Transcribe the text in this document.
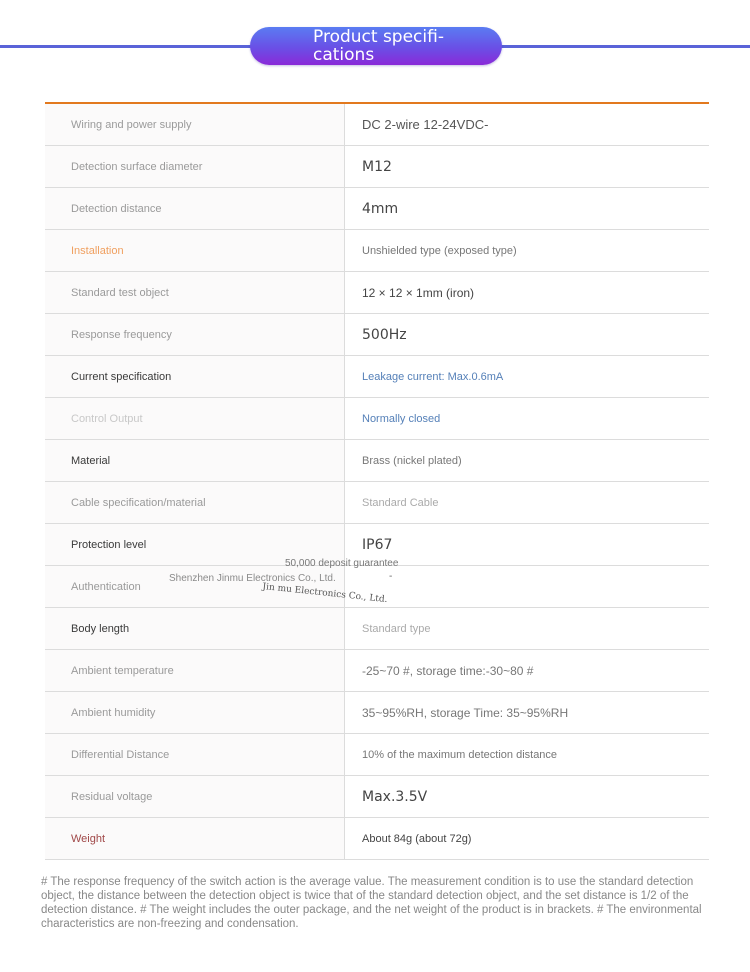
Product specifi- cations
Wiring and power supply	DC 2-wire 12-24VDC-
Detection surface diameter	M12
Detection distance	4mm
Installation	Unshielded type (exposed type)
Standard test object	12 × 12 × 1mm (iron)
Response frequency	500Hz
Current specification	Leakage current: Max.0.6mA
Control Output	Normally closed
Material	Brass (nickel plated)
Cable specification/material	Standard Cable
Protection level	IP67
Authentication
Body length	Standard type
Ambient temperature	-25~70 #, storage time:-30~80 #
Ambient humidity	35~95%RH, storage Time: 35~95%RH
Differential Distance	10% of the maximum detection distance
Residual voltage	Max.3.5V
Weight	About 84g (about 72g)
50,000 deposit guarantee
Shenzhen Jinmu Electronics Co., Ltd.
Jin mu Electronics Co., Ltd.
-
# The response frequency of the switch action is the average value. The measurement condition is to use the standard detection object, the distance between the detection object is twice that of the standard detection object, and the set distance is 1/2 of the detection distance. # The weight includes the outer package, and the net weight of the product is in brackets. # The environmental characteristics are non-freezing and condensation.
